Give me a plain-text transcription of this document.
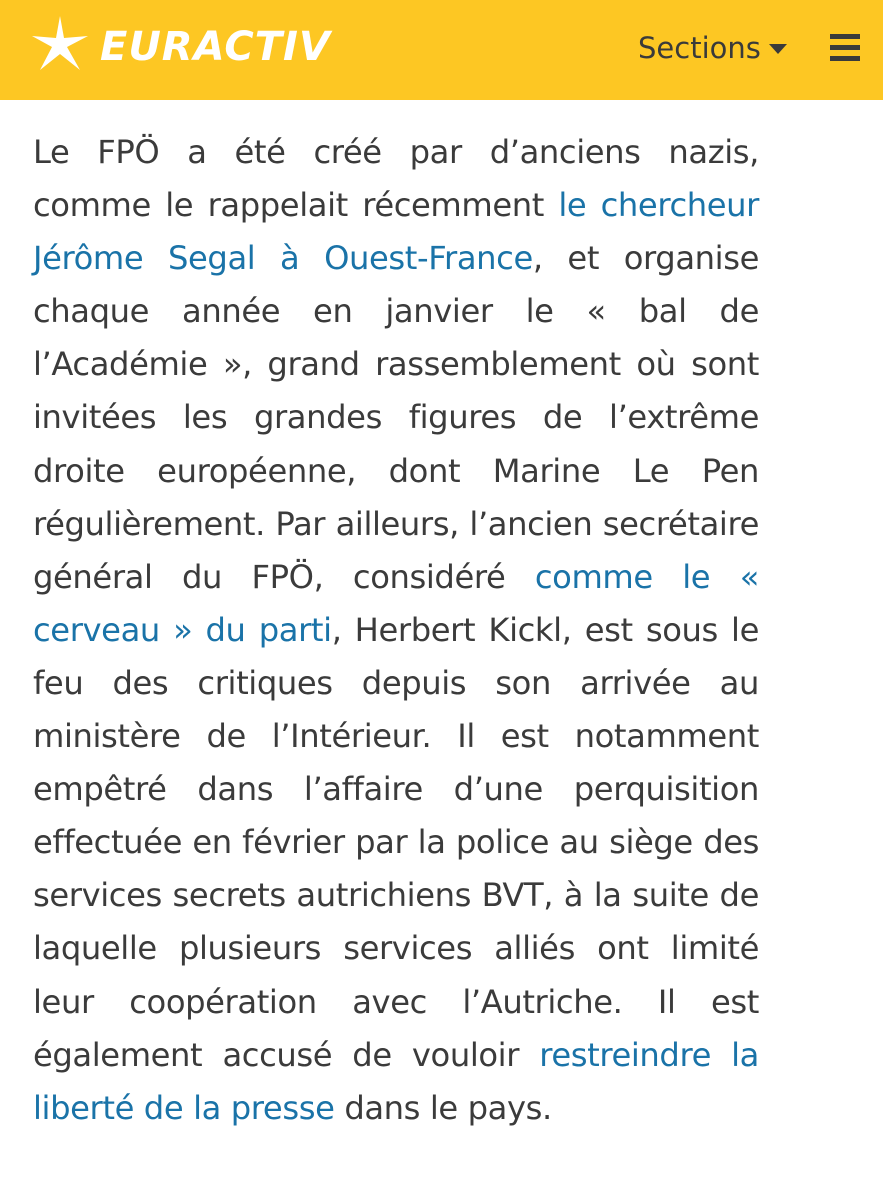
EURACTIV	Sections

Le FPÖ a été créé par d’anciens nazis, comme le rappelait récemment le chercheur Jérôme Segal à Ouest-France, et organise chaque année en janvier le « bal de l’Académie », grand rassemblement où sont invitées les grandes figures de l’extrême droite européenne, dont Marine Le Pen régulièrement. Par ailleurs, l’ancien secrétaire général du FPÖ, considéré comme le « cerveau » du parti, Herbert Kickl, est sous le feu des critiques depuis son arrivée au ministère de l’Intérieur. Il est notamment empêtré dans l’affaire d’une perquisition effectuée en février par la police au siège des services secrets autrichiens BVT, à la suite de laquelle plusieurs services alliés ont limité leur coopération avec l’Autriche. Il est également accusé de vouloir restreindre la liberté de la presse dans le pays.
